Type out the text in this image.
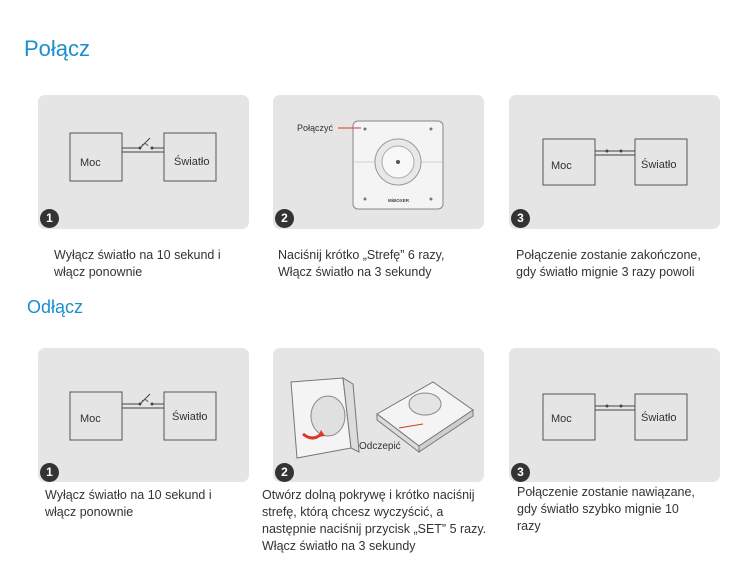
Połącz
Moc	Światło
1
Wyłącz światło na 10 sekund i
włącz ponownie
Połączyć
MiBOXER
2
Naciśnij krótko „Strefę” 6 razy,
Włącz światło na 3 sekundy
Moc	Światło
3
Połączenie zostanie zakończone,
gdy światło mignie 3 razy powoli
Odłącz
Moc	Światło
1
Wyłącz światło na 10 sekund i
włącz ponownie
Odczepić
2
Otwórz dolną pokrywę i krótko naciśnij
strefę, którą chcesz wyczyścić, a
następnie naciśnij przycisk „SET” 5 razy.
Włącz światło na 3 sekundy
Moc	Światło
3
Połączenie zostanie nawiązane,
gdy światło szybko mignie 10
razy
